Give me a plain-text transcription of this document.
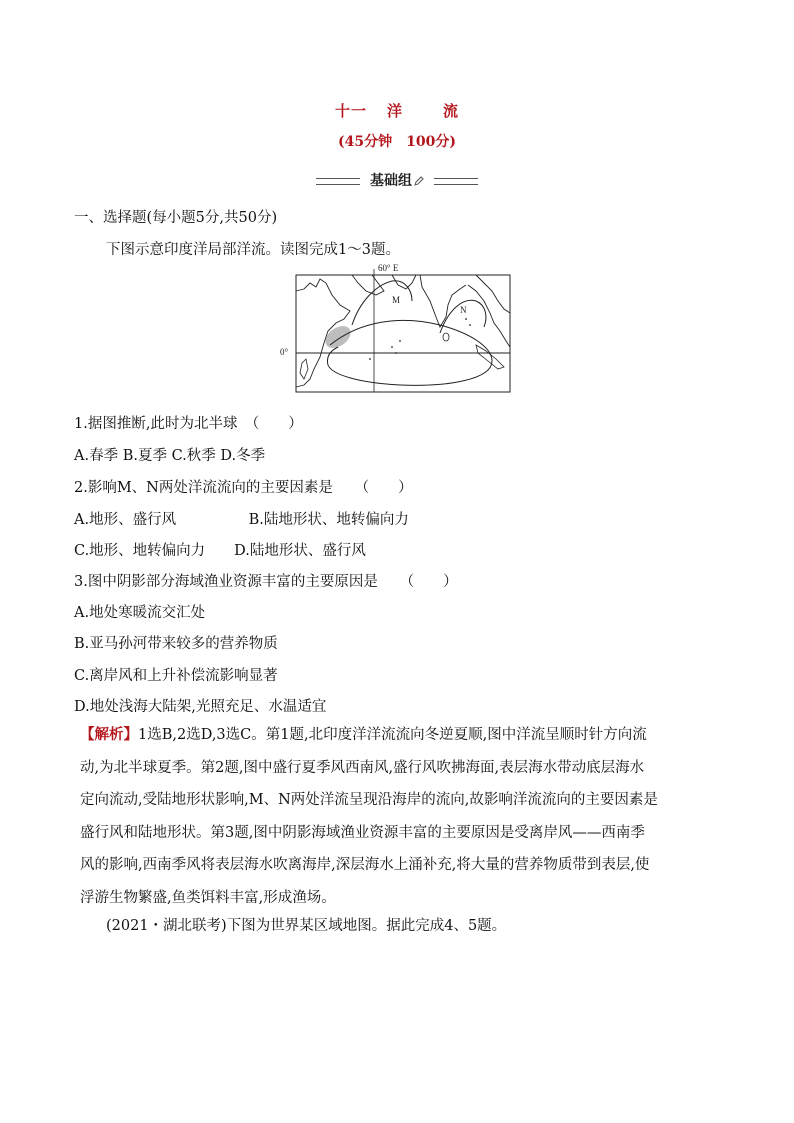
十一 洋	流
(45分钟　100分)
基础组
一、选择题(每小题5分,共50分)
下图示意印度洋局部洋流。读图完成1～3题。
60° E
0°
M
N
1.据图推断,此时为北半球　（　　）
A.春季 B.夏季 C.秋季 D.冬季
2.影响M、N两处洋流流向的主要因素是　　（　　）
A.地形、盛行风　　　　　B.陆地形状、地转偏向力
C.地形、地转偏向力　　D.陆地形状、盛行风
3.图中阴影部分海域渔业资源丰富的主要原因是　　（　　）
A.地处寒暖流交汇处
B.亚马孙河带来较多的营养物质
C.离岸风和上升补偿流影响显著
D.地处浅海大陆架,光照充足、水温适宜

【解析】1选B,2选D,3选C。第1题,北印度洋洋流流向冬逆夏顺,图中洋流呈顺时针方向流

动,为北半球夏季。第2题,图中盛行夏季风西南风,盛行风吹拂海面,表层海水带动底层海水

定向流动,受陆地形状影响,M、N两处洋流呈现沿海岸的流向,故影响洋流流向的主要因素是

盛行风和陆地形状。第3题,图中阴影海域渔业资源丰富的主要原因是受离岸风——西南季

风的影响,西南季风将表层海水吹离海岸,深层海水上涌补充,将大量的营养物质带到表层,使

浮游生物繁盛,鱼类饵料丰富,形成渔场。

(2021・湖北联考)下图为世界某区域地图。据此完成4、5题。
